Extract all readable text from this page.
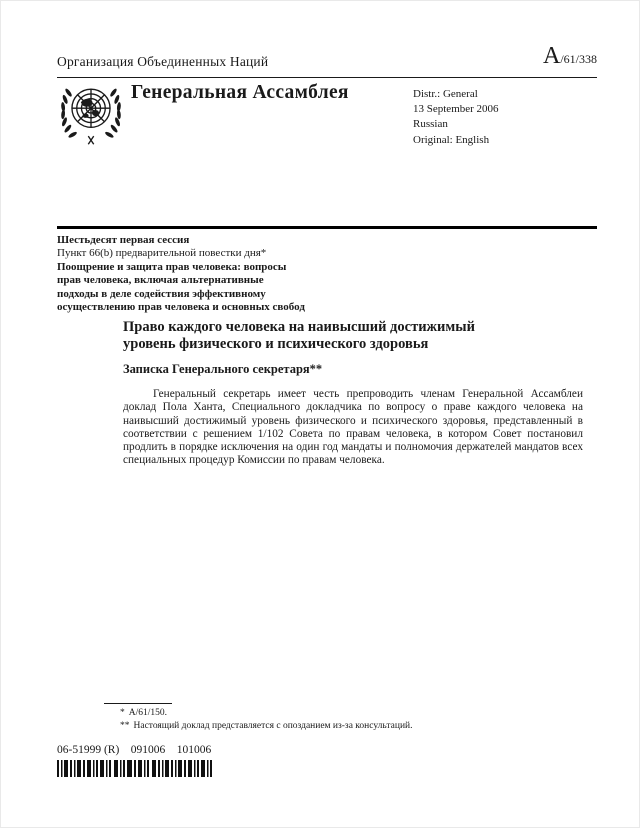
Организация Объединенных Наций	A/61/338
Генеральная Ассамблея	Distr.: General
13 September 2006
Russian
Original: English
Шестьдесят первая сессия
Пункт 66(b) предварительной повестки дня*
Поощрение и защита прав человека: вопросы
прав человека, включая альтернативные
подходы в деле содействия эффективному
осуществлению прав человека и основных свобод
Право каждого человека на наивысший достижимый
уровень физического и психического здоровья
Записка Генерального секретаря**
Генеральный секретарь имеет честь препроводить членам Генеральной Ассамблеи доклад Пола Ханта, Специального докладчика по вопросу о праве каждого человека на наивысший достижимый уровень физического и психического здоровья, представленный в соответствии с решением 1/102 Совета по правам человека, в котором Совет постановил продлить в порядке исключения на один год мандаты и полномочия держателей мандатов всех специальных процедур Комиссии по правам человека.
* A/61/150.
** Настоящий доклад представляется с опозданием из-за консультаций.
06-51999 (R)    091006    101006
